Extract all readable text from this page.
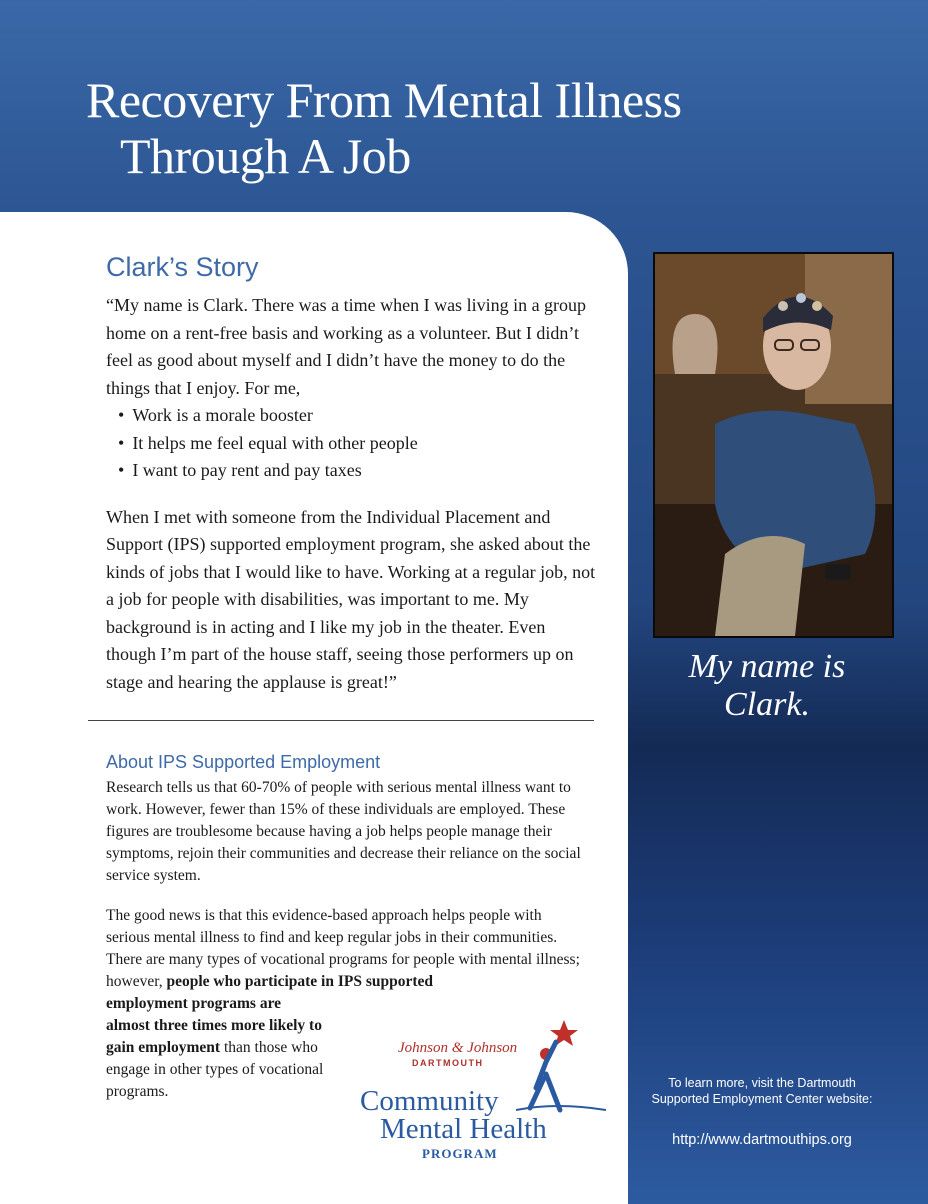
Recovery From Mental Illness
Through A Job
Clark’s Story

“My name is Clark. There was a time when I was living in a group home on a rent-free basis and working as a volunteer. But I didn’t feel as good about myself and I didn’t have the money to do the things that I enjoy. For me,

• Work is a morale booster
• It helps me feel equal with other people
• I want to pay rent and pay taxes

When I met with someone from the Individual Placement and Support (IPS) supported employment program, she asked about the kinds of jobs that I would like to have. Working at a regular job, not a job for people with disabilities, was important to me. My background is in acting and I like my job in the theater. Even though I’m part of the house staff, seeing those performers up on stage and hearing the applause is great!”

About IPS Supported Employment

Research tells us that 60-70% of people with serious mental illness want to work. However, fewer than 15% of these individuals are employed. These figures are troublesome because having a job helps people manage their symptoms, rejoin their communities and decrease their reliance on the social service system.

The good news is that this evidence-based approach helps people with serious mental illness to find and keep regular jobs in their communities. There are many types of vocational programs for people with mental illness; however, people who participate in IPS supported
employment programs are almost three times more likely to gain employment than those who engage in other types of vocational programs.

My name is
Clark.

To learn more, visit the Dartmouth Supported Employment Center website:

http://www.dartmouthips.org

Johnson & Johnson
DARTMOUTH
Community
Mental Health
PROGRAM
